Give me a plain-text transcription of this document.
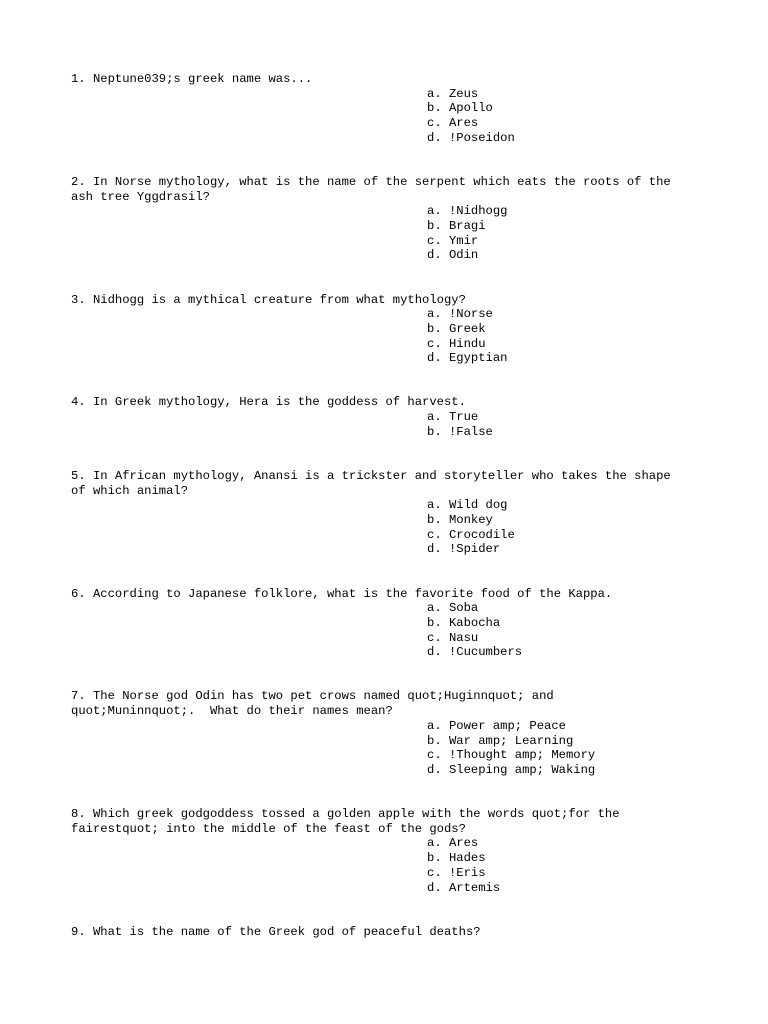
1. Neptune039;s greek name was...
a. Zeus
b. Apollo
c. Ares
d. !Poseidon
2. In Norse mythology, what is the name of the serpent which eats the roots of the
ash tree Yggdrasil?
a. !Nidhogg
b. Bragi
c. Ymir
d. Odin
3. Nidhogg is a mythical creature from what mythology?
a. !Norse
b. Greek
c. Hindu
d. Egyptian
4. In Greek mythology, Hera is the goddess of harvest.
a. True
b. !False
5. In African mythology, Anansi is a trickster and storyteller who takes the shape
of which animal?
a. Wild dog
b. Monkey
c. Crocodile
d. !Spider
6. According to Japanese folklore, what is the favorite food of the Kappa.
a. Soba
b. Kabocha
c. Nasu
d. !Cucumbers
7. The Norse god Odin has two pet crows named quot;Huginnquot; and
quot;Muninnquot;.  What do their names mean?
a. Power amp; Peace
b. War amp; Learning
c. !Thought amp; Memory
d. Sleeping amp; Waking
8. Which greek godgoddess tossed a golden apple with the words quot;for the
fairestquot; into the middle of the feast of the gods?
a. Ares
b. Hades
c. !Eris
d. Artemis
9. What is the name of the Greek god of peaceful deaths?
